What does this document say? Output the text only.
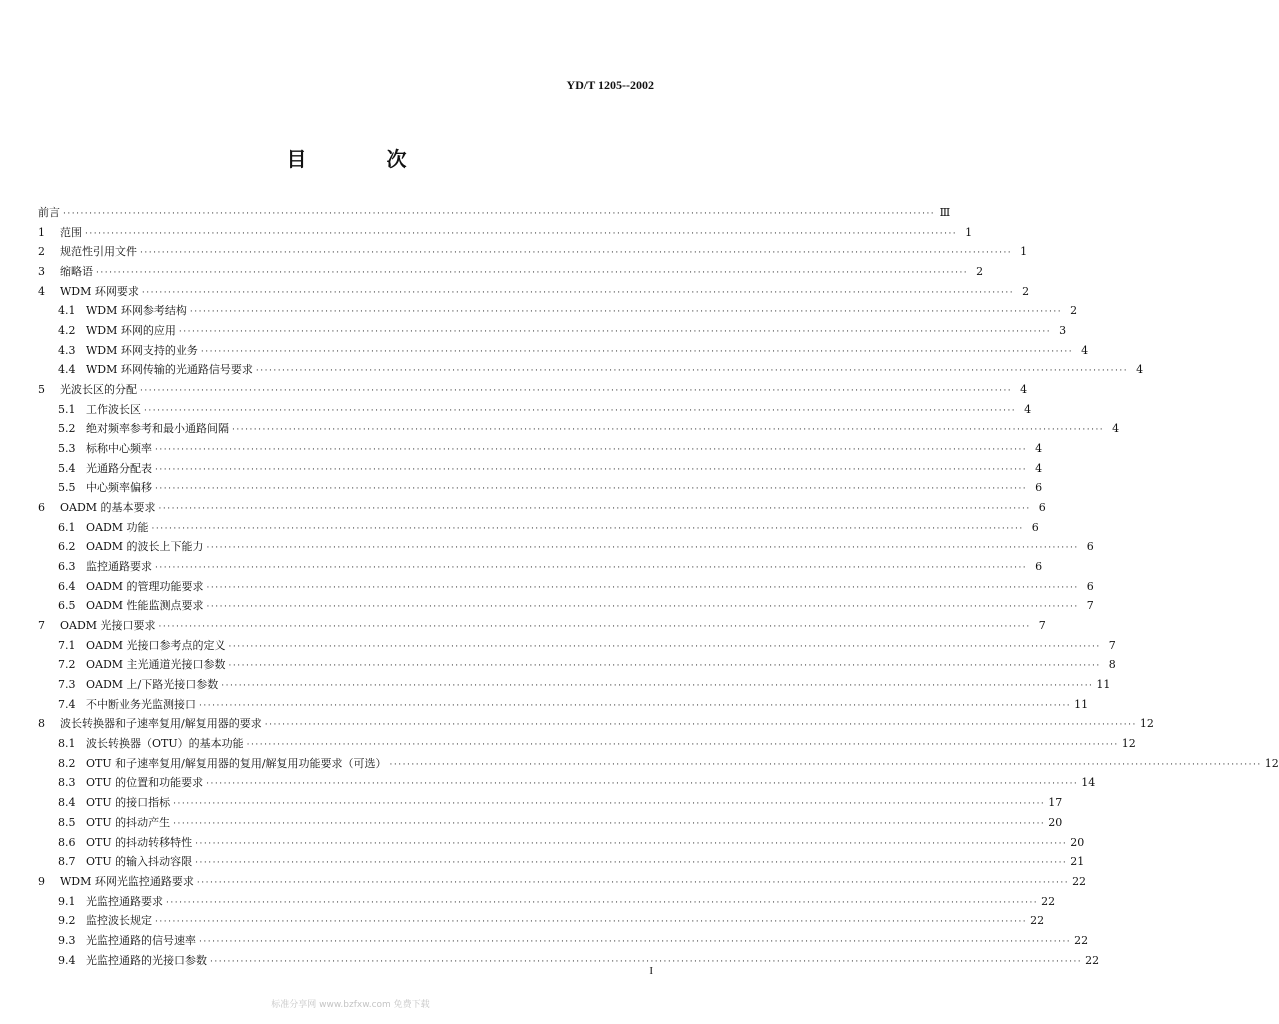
YD/T 1205--2002
目　次
前言 ········································································································································································································ Ⅲ
1	范围 ········································································································································································································ 1
2	规范性引用文件 ········································································································································································································ 1
3	缩略语 ········································································································································································································ 2
4	WDM 环网要求 ········································································································································································································ 2
4.1 WDM 环网参考结构 ········································································································································································································ 2
4.2 WDM 环网的应用 ········································································································································································································ 3
4.3 WDM 环网支持的业务 ········································································································································································································ 4
4.4 WDM 环网传输的光通路信号要求 ········································································································································································································ 4
5	光波长区的分配 ········································································································································································································ 4
5.1 工作波长区 ········································································································································································································ 4
5.2 绝对频率参考和最小通路间隔 ········································································································································································································ 4
5.3 标称中心频率 ········································································································································································································ 4
5.4 光通路分配表 ········································································································································································································ 4
5.5 中心频率偏移 ········································································································································································································ 6
6	OADM 的基本要求 ········································································································································································································ 6
6.1 OADM 功能 ········································································································································································································ 6
6.2 OADM 的波长上下能力 ········································································································································································································ 6
6.3 监控通路要求 ········································································································································································································ 6
6.4 OADM 的管理功能要求 ········································································································································································································ 6
6.5 OADM 性能监测点要求 ········································································································································································································ 7
7	OADM 光接口要求 ········································································································································································································ 7
7.1 OADM 光接口参考点的定义 ········································································································································································································ 7
7.2 OADM 主光通道光接口参数 ········································································································································································································ 8
7.3 OADM 上/下路光接口参数 ········································································································································································································ 11
7.4 不中断业务光监测接口 ········································································································································································································ 11
8	波长转换器和子速率复用/解复用器的要求 ········································································································································································································ 12
8.1 波长转换器（OTU）的基本功能 ········································································································································································································ 12
8.2 OTU 和子速率复用/解复用器的复用/解复用功能要求（可选） ········································································································································································································ 12
8.3 OTU 的位置和功能要求 ········································································································································································································ 14
8.4 OTU 的接口指标 ········································································································································································································ 17
8.5 OTU 的抖动产生 ········································································································································································································ 20
8.6 OTU 的抖动转移特性 ········································································································································································································ 20
8.7 OTU 的输入抖动容限 ········································································································································································································ 21
9	WDM 环网光监控通路要求 ········································································································································································································ 22
9.1 光监控通路要求 ········································································································································································································ 22
9.2 监控波长规定 ········································································································································································································ 22
9.3 光监控通路的信号速率 ········································································································································································································ 22
9.4 光监控通路的光接口参数 ········································································································································································································ 22
I
标准分享网 www.bzfxw.com 免费下载
